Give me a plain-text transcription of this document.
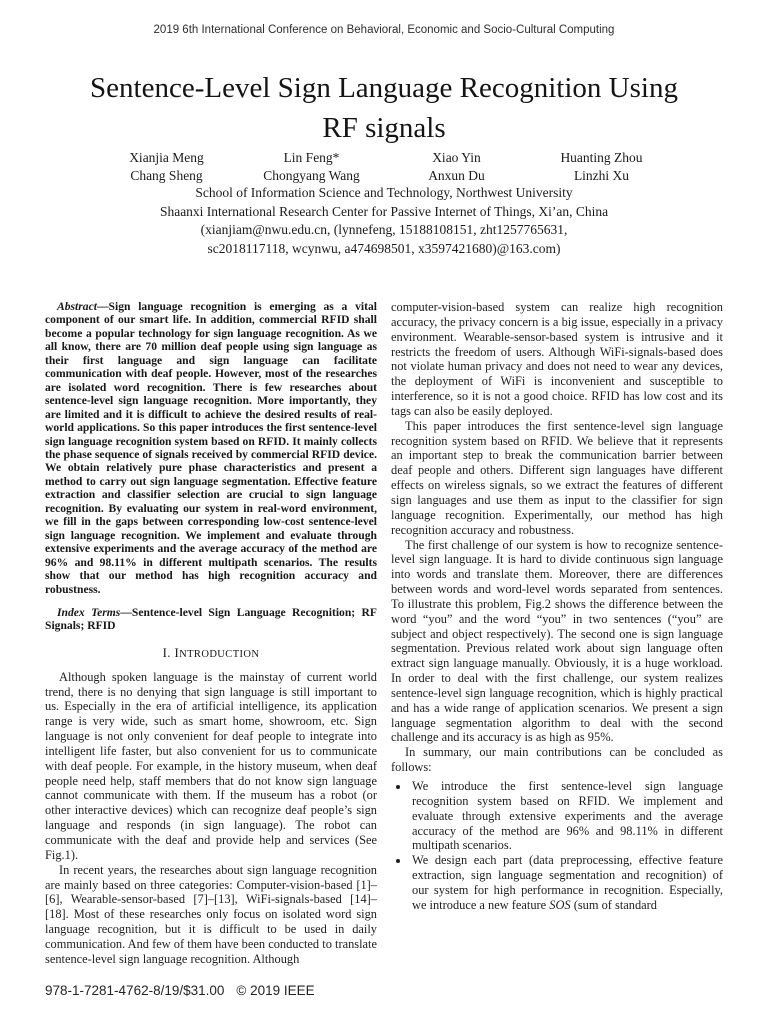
2019 6th International Conference on Behavioral, Economic and Socio-Cultural Computing
Sentence-Level Sign Language Recognition Using
RF signals
Xianjia Meng	Lin Feng*	Xiao Yin	Huanting Zhou
Chang Sheng	Chongyang Wang	Anxun Du	Linzhi Xu
School of Information Science and Technology, Northwest University
Shaanxi International Research Center for Passive Internet of Things, Xi’an, China
(xianjiam@nwu.edu.cn, (lynnefeng, 15188108151, zht1257765631,
sc2018117118, wcynwu, a474698501, x3597421680)@163.com)

Abstract—Sign language recognition is emerging as a vital component of our smart life. In addition, commercial RFID shall become a popular technology for sign language recognition. As we all know, there are 70 million deaf people using sign language as their first language and sign language can facilitate communication with deaf people. However, most of the researches are isolated word recognition. There is few researches about sentence-level sign language recognition. More importantly, they are limited and it is difficult to achieve the desired results of real-world applications. So this paper introduces the first sentence-level sign language recognition system based on RFID. It mainly collects the phase sequence of signals received by commercial RFID device. We obtain relatively pure phase characteristics and present a method to carry out sign language segmentation. Effective feature extraction and classifier selection are crucial to sign language recognition. By evaluating our system in real-word environment, we fill in the gaps between corresponding low-cost sentence-level sign language recognition. We implement and evaluate through extensive experiments and the average accuracy of the method are 96% and 98.11% in different multipath scenarios. The results show that our method has high recognition accuracy and robustness.

Index Terms—Sentence-level Sign Language Recognition; RF Signals; RFID

I. INTRODUCTION

Although spoken language is the mainstay of current world trend, there is no denying that sign language is still important to us. Especially in the era of artificial intelligence, its application range is very wide, such as smart home, showroom, etc. Sign language is not only convenient for deaf people to integrate into intelligent life faster, but also convenient for us to communicate with deaf people. For example, in the history museum, when deaf people need help, staff members that do not know sign language cannot communicate with them. If the museum has a robot (or other interactive devices) which can recognize deaf people’s sign language and responds (in sign language). The robot can communicate with the deaf and provide help and services (See Fig.1).

In recent years, the researches about sign language recognition are mainly based on three categories: Computer-vision-based [1]–[6], Wearable-sensor-based [7]–[13], WiFi-signals-based [14]–[18]. Most of these researches only focus on isolated word sign language recognition, but it is difficult to be used in daily communication. And few of them have been conducted to translate sentence-level sign language recognition. Although

computer-vision-based system can realize high recognition accuracy, the privacy concern is a big issue, especially in a privacy environment. Wearable-sensor-based system is intrusive and it restricts the freedom of users. Although WiFi-signals-based does not violate human privacy and does not need to wear any devices, the deployment of WiFi is inconvenient and susceptible to interference, so it is not a good choice. RFID has low cost and its tags can also be easily deployed.

This paper introduces the first sentence-level sign language recognition system based on RFID. We believe that it represents an important step to break the communication barrier between deaf people and others. Different sign languages have different effects on wireless signals, so we extract the features of different sign languages and use them as input to the classifier for sign language recognition. Experimentally, our method has high recognition accuracy and robustness.

The first challenge of our system is how to recognize sentence-level sign language. It is hard to divide continuous sign language into words and translate them. Moreover, there are differences between words and word-level words separated from sentences. To illustrate this problem, Fig.2 shows the difference between the word “you” and the word “you” in two sentences (“you” are subject and object respectively). The second one is sign language segmentation. Previous related work about sign language often extract sign language manually. Obviously, it is a huge workload. In order to deal with the first challenge, our system realizes sentence-level sign language recognition, which is highly practical and has a wide range of application scenarios. We present a sign language segmentation algorithm to deal with the second challenge and its accuracy is as high as 95%.

In summary, our main contributions can be concluded as follows:

• We introduce the first sentence-level sign language recognition system based on RFID. We implement and evaluate through extensive experiments and the average accuracy of the method are 96% and 98.11% in different multipath scenarios.
• We design each part (data preprocessing, effective feature extraction, sign language segmentation and recognition) of our system for high performance in recognition. Especially, we introduce a new feature SOS (sum of standard
978-1-7281-4762-8/19/$31.00 © 2019 IEEE
